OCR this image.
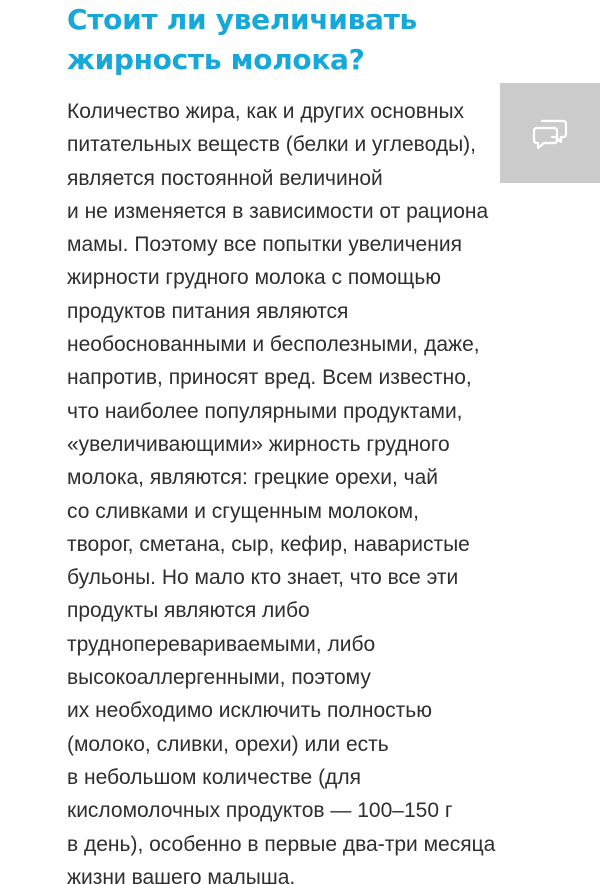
Стоит ли увеличивать
жирность молока?
Количество жира, как и других основных
питательных веществ (белки и углеводы),
является постоянной величиной
и не изменяется в зависимости от рациона
мамы. Поэтому все попытки увеличения
жирности грудного молока с помощью
продуктов питания являются
необоснованными и бесполезными, даже,
напротив, приносят вред. Всем известно,
что наиболее популярными продуктами,
«увеличивающими» жирность грудного
молока, являются: грецкие орехи, чай
со сливками и сгущенным молоком,
творог, сметана, сыр, кефир, наваристые
бульоны. Но мало кто знает, что все эти
продукты являются либо
трудноперевариваемыми, либо
высокоаллергенными, поэтому
их необходимо исключить полностью
(молоко, сливки, орехи) или есть
в небольшом количестве (для
кисломолочных продуктов — 100–150 г
в день), особенно в первые два-три месяца
жизни вашего малыша.
